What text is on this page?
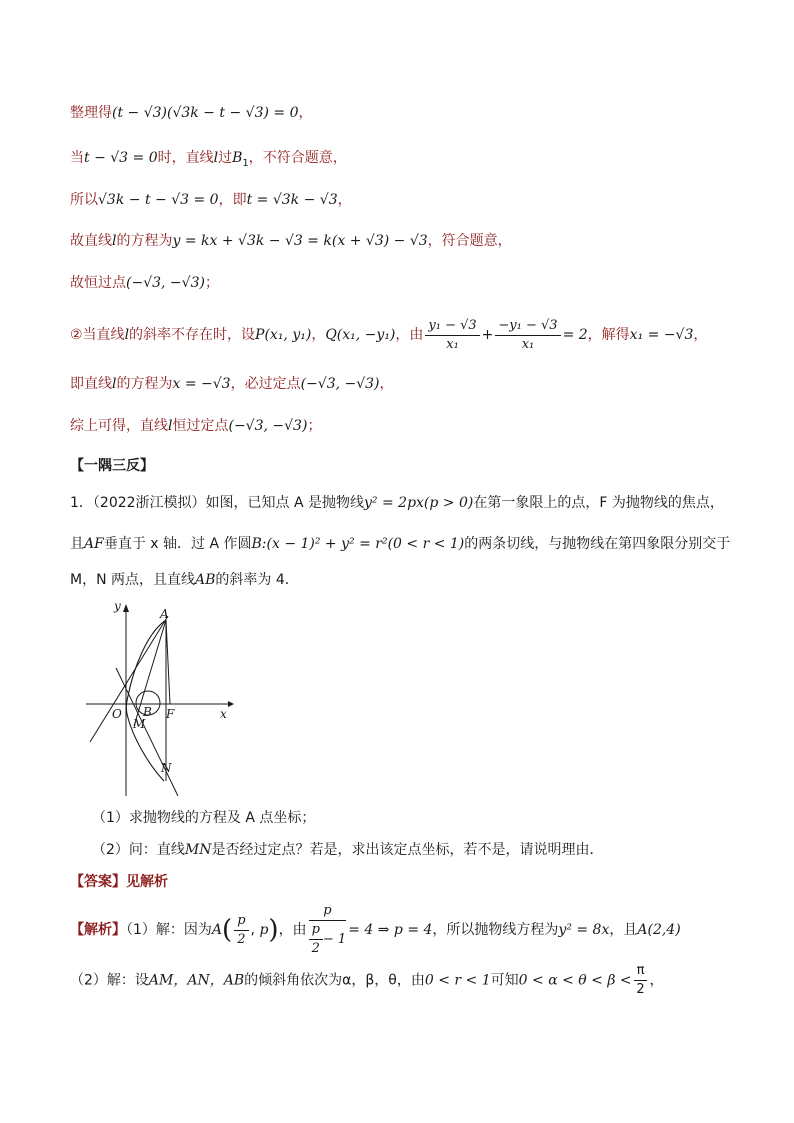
整理得(t − √3)(√3k − t − √3) = 0，
当t − √3 = 0时，直线l过$B_1$，不符合题意，
所以√3k − t − √3 = 0，即t = √3k − √3，
故直线l的方程为y = kx + √3k − √3 = k(x + √3) − √3，符合题意，
故恒过点(−√3, −√3)；
②当直线l的斜率不存在时，设P(x₁, y₁)，Q(x₁, −y₁)，由 $\frac{\text{y₁ − √3}}{\text{x₁}} + \frac{\text{−y₁ − √3}}{\text{x₁}} = 2$，解得x₁ = −√3，
即直线l的方程为x = −√3，必过定点(−√3, −√3)，
综上可得，直线l恒过定点(−√3, −√3)；
【一隅三反】
1．（2022浙江模拟）如图，已知点 A 是抛物线y² = 2px(p > 0)在第一象限上的点，F 为抛物线的焦点，
且AF垂直于 x 轴．过 A 作圆B:(x − 1)² + y² = r²(0 < r < 1)的两条切线，与抛物线在第四象限分别交于
M，N 两点，且直线AB的斜率为 4．
y
x
O
A
B F
M
N
（1）求抛物线的方程及 A 点坐标；
（2）问：直线MN是否经过定点？若是，求出该定点坐标，若不是，请说明理由．
【答案】见解析
【解析】（1）解：因为$A( \frac{p}{2}$ , p)，由 $\frac{p}{\frac{p}{2} - 1} = 4$ ⇒ p = 4，所以抛物线方程为y² = 8x，且A(2,4)
（2）解：设AM，AN，AB的倾斜角依次为α，β，θ，由0 < r < 1可知$0 < \alpha < \theta < \beta < \frac{\pi}{2}$ ，
